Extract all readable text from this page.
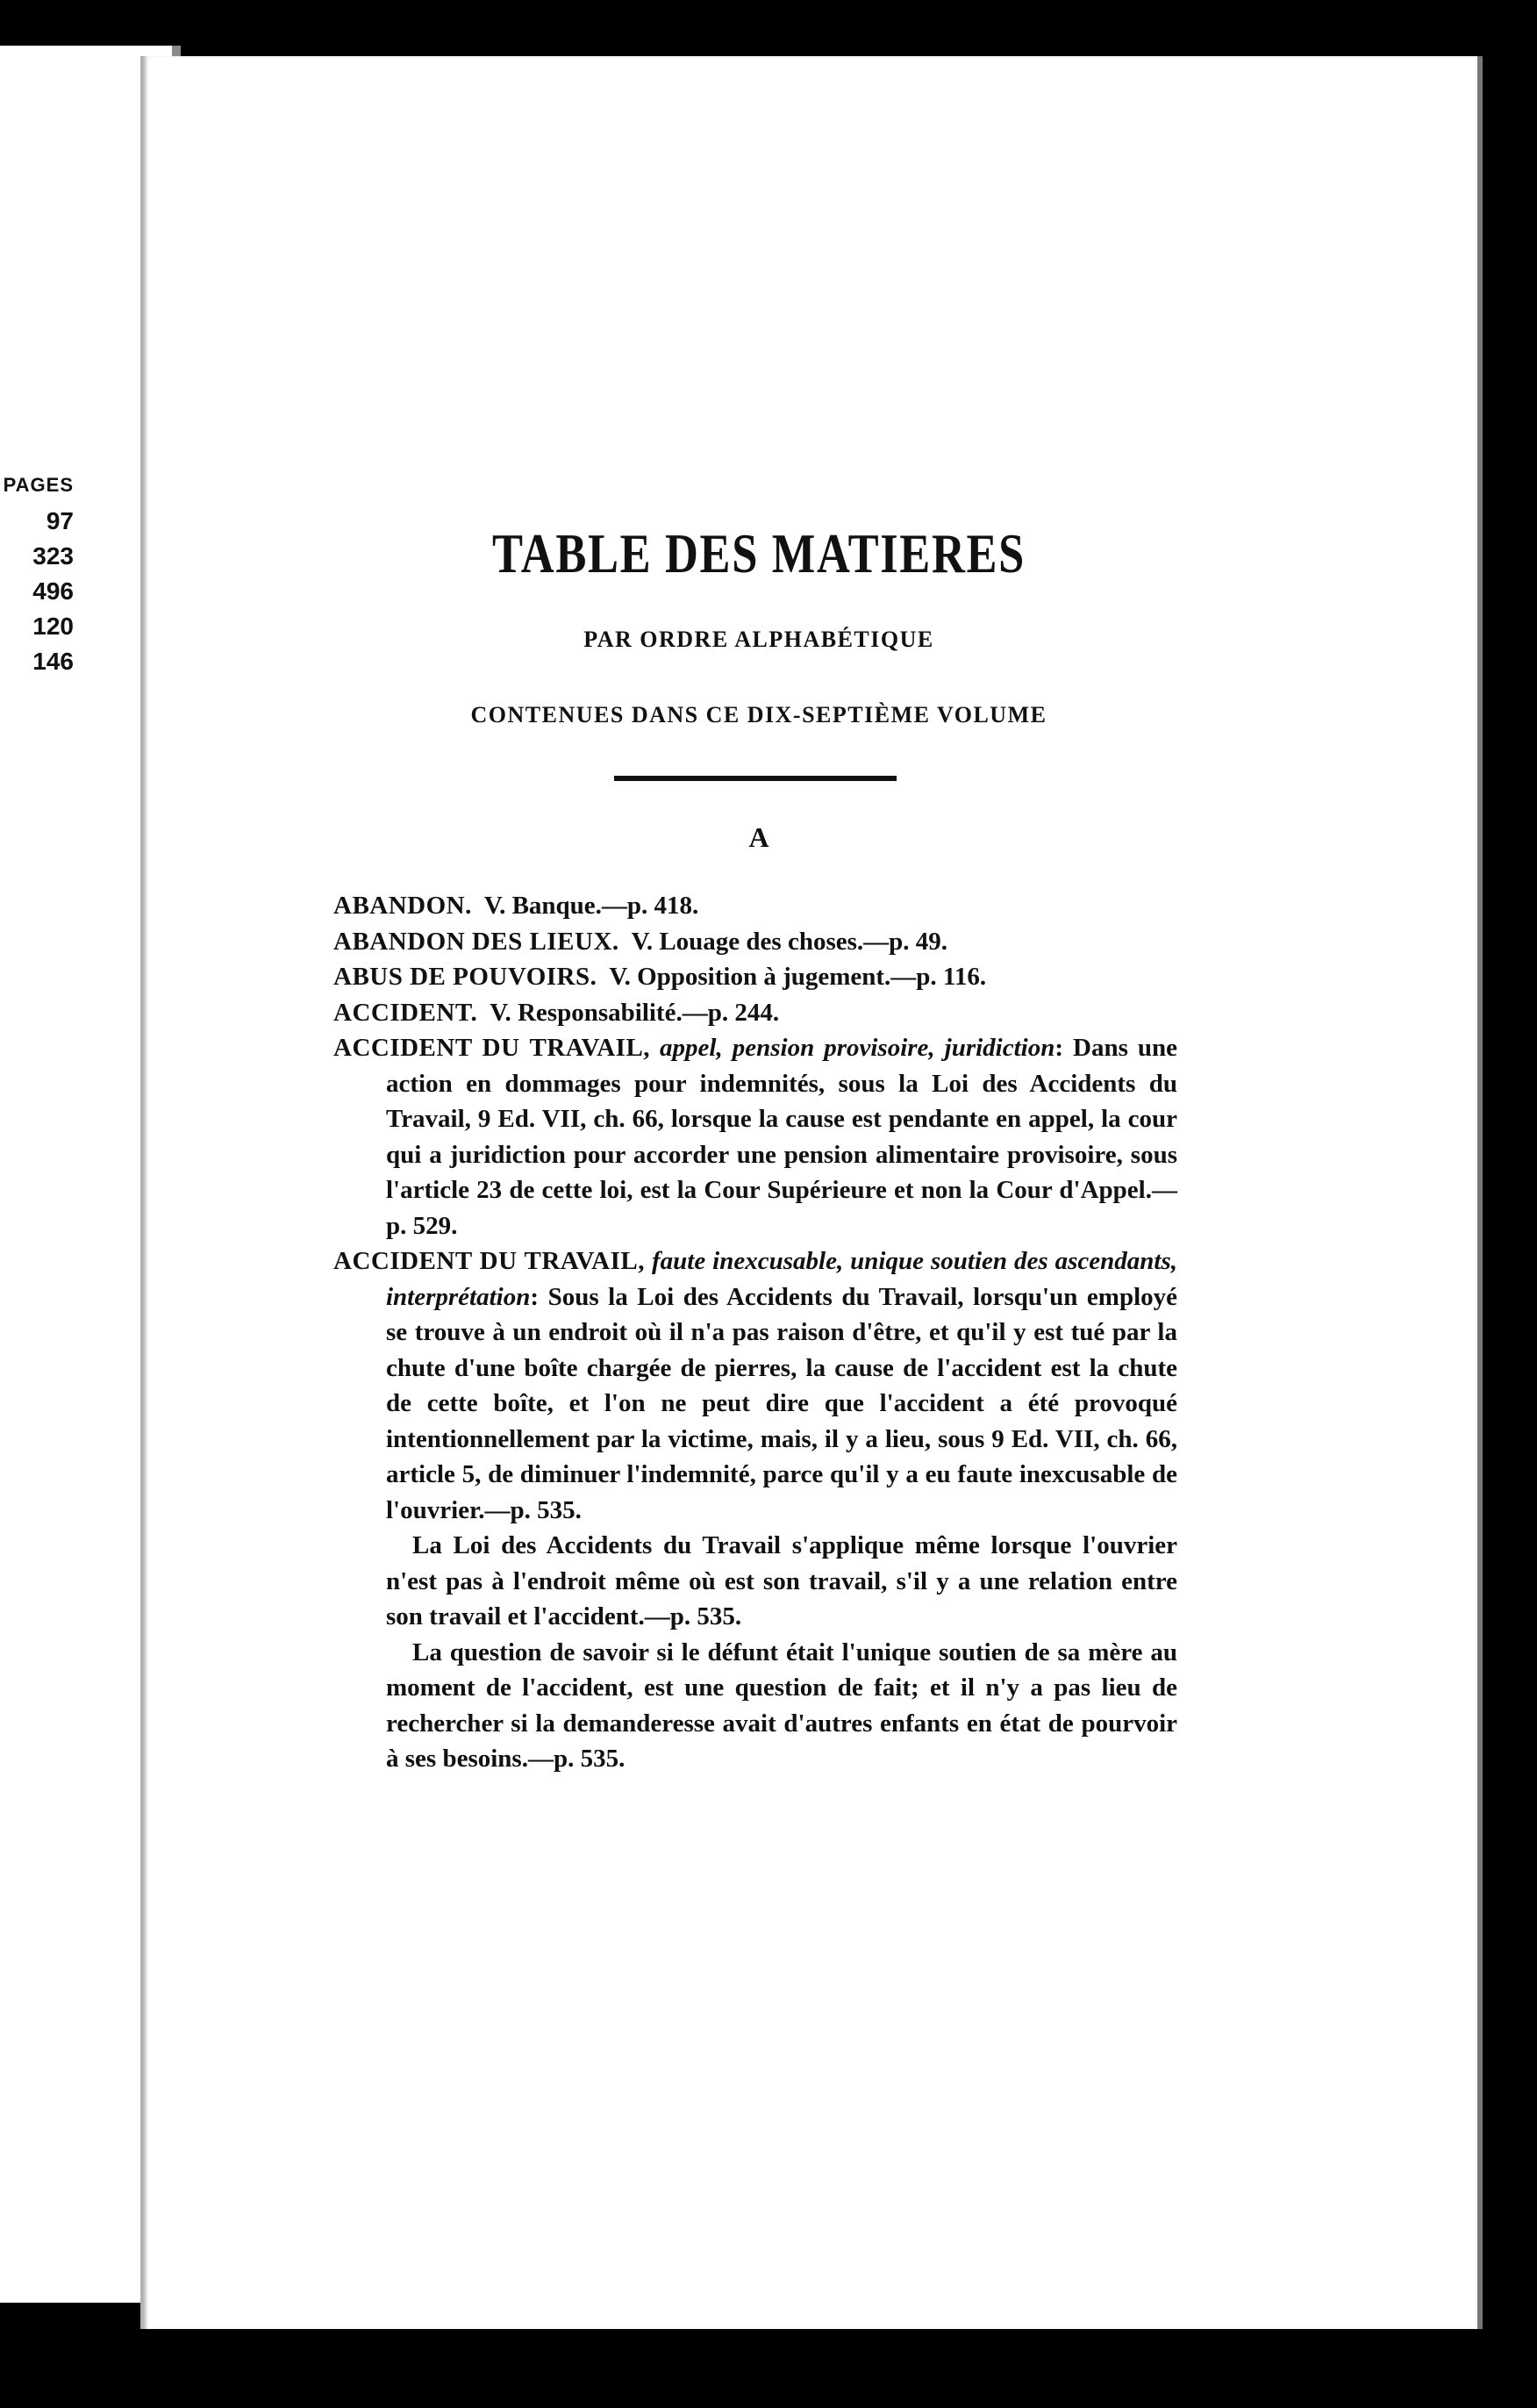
PAGES
97
323
496
120
146
TABLE DES MATIERES
PAR ORDRE ALPHABÉTIQUE
CONTENUES DANS CE DIX-SEPTIÈME VOLUME
A
ABANDON. V. Banque.—p. 418.
ABANDON DES LIEUX. V. Louage des choses.—p. 49.
ABUS DE POUVOIRS. V. Opposition à jugement.—p. 116.
ACCIDENT. V. Responsabilité.—p. 244.
ACCIDENT DU TRAVAIL, appel, pension provisoire, juridiction: Dans une action en dommages pour indemnités, sous la Loi des Accidents du Travail, 9 Ed. VII, ch. 66, lorsque la cause est pendante en appel, la cour qui a juridiction pour accorder une pension alimentaire provisoire, sous l'article 23 de cette loi, est la Cour Supérieure et non la Cour d'Appel.—p. 529.
ACCIDENT DU TRAVAIL, faute inexcusable, unique soutien des ascendants, interprétation: Sous la Loi des Accidents du Travail, lorsqu'un employé se trouve à un endroit où il n'a pas raison d'être, et qu'il y est tué par la chute d'une boîte chargée de pierres, la cause de l'accident est la chute de cette boîte, et l'on ne peut dire que l'accident a été provoqué intentionnellement par la victime, mais, il y a lieu, sous 9 Ed. VII, ch. 66, article 5, de diminuer l'indemnité, parce qu'il y a eu faute inexcusable de l'ouvrier.—p. 535.
La Loi des Accidents du Travail s'applique même lorsque l'ouvrier n'est pas à l'endroit même où est son travail, s'il y a une relation entre son travail et l'accident.—p. 535.
La question de savoir si le défunt était l'unique soutien de sa mère au moment de l'accident, est une question de fait; et il n'y a pas lieu de rechercher si la demanderesse avait d'autres enfants en état de pourvoir à ses besoins.—p. 535.
